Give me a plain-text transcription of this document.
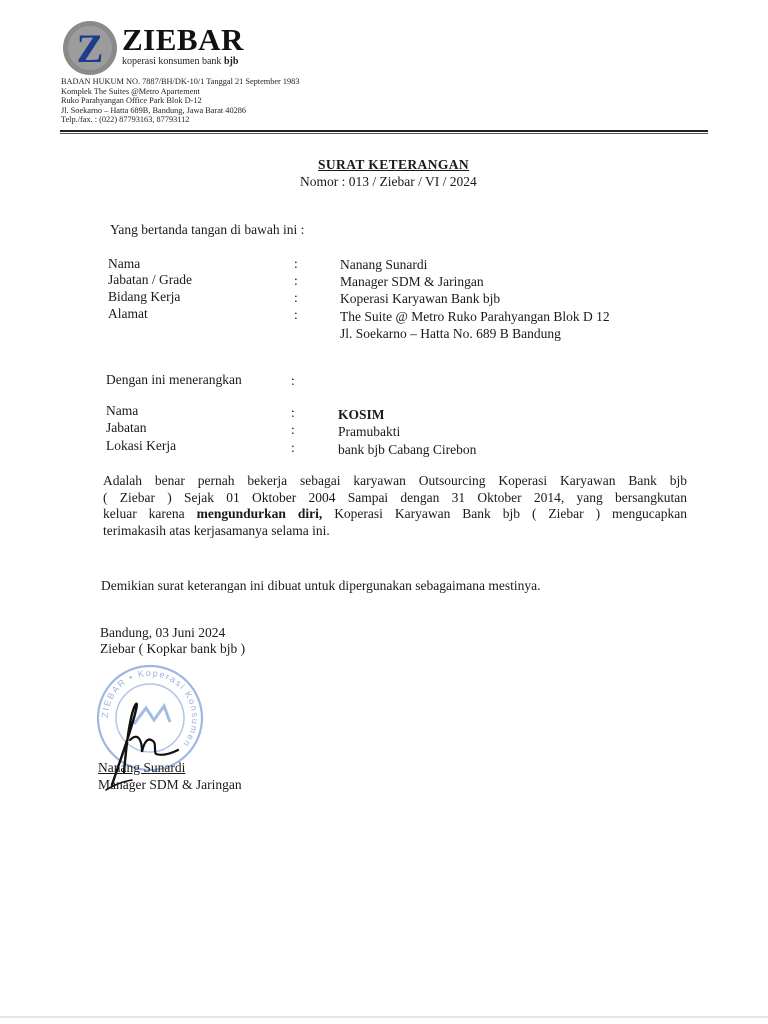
Z ZIEBAR
koperasi konsumen bank bjb
BADAN HUKUM NO. 7887/BH/DK-10/1 Tanggal 21 September 1983
Komplek The Suites @Metro Apartement
Ruko Parahyangan Office Park Blok D-12
Jl. Soekarno – Hatta 689B, Bandung, Jawa Barat 40286
Telp./fax. : (022) 87793163, 87793112
SURAT KETERANGAN
Nomor : 013 / Ziebar / VI / 2024
Yang bertanda tangan di bawah ini :
Nama	:	Nanang Sunardi
Jabatan / Grade	:	Manager SDM & Jaringan
Bidang Kerja	:	Koperasi Karyawan Bank bjb
Alamat	:	The Suite @ Metro Ruko Parahyangan Blok D 12
Jl. Soekarno – Hatta No. 689 B Bandung
Dengan ini menerangkan	:
Nama	:	KOSIM
Jabatan	:	Pramubakti
Lokasi Kerja	:	bank bjb Cabang Cirebon
Adalah benar pernah bekerja sebagai karyawan Outsourcing Koperasi Karyawan Bank bjb
( Ziebar ) Sejak 01 Oktober 2004 Sampai dengan 31 Oktober 2014, yang bersangkutan
keluar karena mengundurkan diri, Koperasi Karyawan Bank bjb ( Ziebar ) mengucapkan
terimakasih atas kerjasamanya selama ini.
Demikian surat keterangan ini dibuat untuk dipergunakan sebagaimana mestinya.
Bandung, 03 Juni 2024
Ziebar ( Kopkar bank bjb )
ZIEBAR • Koperasi Konsumen
Nanang Sunardi
Manager SDM & Jaringan
